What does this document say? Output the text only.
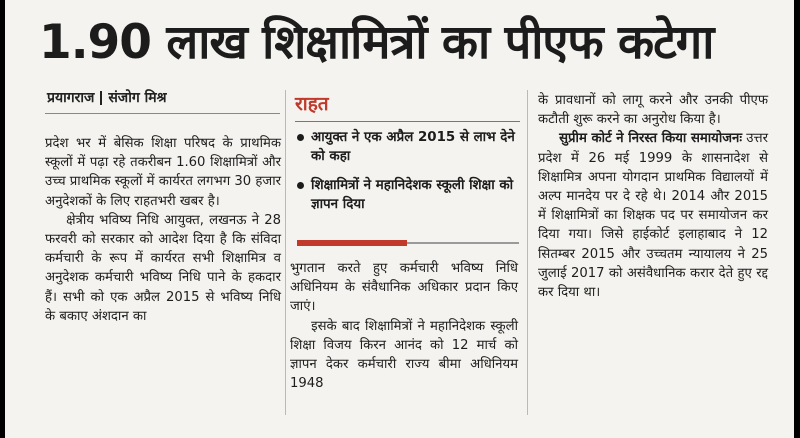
1.90 लाख शिक्षामित्रों का पीएफ कटेगा
प्रयागराज संजोग मिश्र

प्रदेश भर में बेसिक शिक्षा परिषद के प्राथमिक स्कूलों में पढ़ा रहे तकरीबन 1.60 शिक्षामित्रों और उच्च प्राथमिक स्कूलों में कार्यरत लगभग 30 हजार अनुदेशकों के लिए राहतभरी खबर है।

क्षेत्रीय भविष्य निधि आयुक्त, लखनऊ ने 28 फरवरी को सरकार को आदेश दिया है कि संविदा कर्मचारी के रूप में कार्यरत सभी शिक्षामित्र व अनुदेशक कर्मचारी भविष्य निधि पाने के हकदार हैं। सभी को एक अप्रैल 2015 से भविष्य निधि के बकाए अंशदान का

राहत
आयुक्त ने एक अप्रैल 2015 से लाभ देने को कहा
शिक्षामित्रों ने महानिदेशक स्कूली शिक्षा को ज्ञापन दिया

भुगतान करते हुए कर्मचारी भविष्य निधि अधिनियम के संवैधानिक अधिकार प्रदान किए जाएं।

इसके बाद शिक्षामित्रों ने महानिदेशक स्कूली शिक्षा विजय किरन आनंद को 12 मार्च को ज्ञापन देकर कर्मचारी राज्य बीमा अधिनियम 1948

के प्रावधानों को लागू करने और उनकी पीएफ कटौती शुरू करने का अनुरोध किया है।

सुप्रीम कोर्ट ने निरस्त किया समायोजनः उत्तर प्रदेश में 26 मई 1999 के शासनादेश से शिक्षामित्र अपना योगदान प्राथमिक विद्यालयों में अल्प मानदेय पर दे रहे थे। 2014 और 2015 में शिक्षामित्रों का शिक्षक पद पर समायोजन कर दिया गया। जिसे हाईकोर्ट इलाहाबाद ने 12 सितम्बर 2015 और उच्चतम न्यायालय ने 25 जुलाई 2017 को असंवैधानिक करार देते हुए रद्द कर दिया था।
